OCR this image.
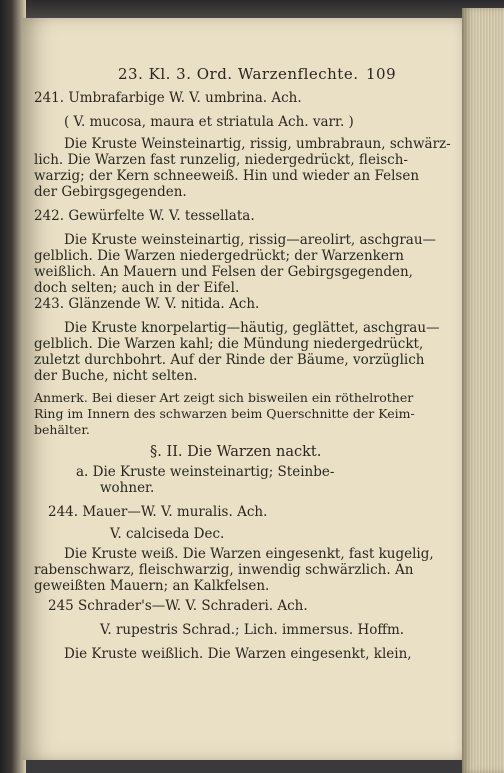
23. Kl. 3. Ord. Warzenflechte. 109
241. Umbrafarbige W. V. umbrina. Ach.
( V. mucosa, maura et striatula Ach. varr. )
Die Kruste Weinsteinartig, rissig, umbrabraun, schwärz-
lich. Die Warzen fast runzelig, niedergedrückt, fleisch-
warzig; der Kern schneeweiß. Hin und wieder an Felsen
der Gebirgsgegenden.
242. Gewürfelte W. V. tessellata.
Die Kruste weinsteinartig, rissig—areolirt, aschgrau—
gelblich. Die Warzen niedergedrückt; der Warzenkern
weißlich. An Mauern und Felsen der Gebirgsgegenden,
doch selten; auch in der Eifel.
243. Glänzende W. V. nitida. Ach.
Die Kruste knorpelartig—häutig, geglättet, aschgrau—
gelblich. Die Warzen kahl; die Mündung niedergedrückt,
zuletzt durchbohrt. Auf der Rinde der Bäume, vorzüglich
der Buche, nicht selten.
Anmerk. Bei dieser Art zeigt sich bisweilen ein röthelrother
Ring im Innern des schwarzen beim Querschnitte der Keim-
behälter.
§. II. Die Warzen nackt.
a. Die Kruste weinsteinartig; Steinbe-
wohner.
244. Mauer—W. V. muralis. Ach.
V. calciseda Dec.
Die Kruste weiß. Die Warzen eingesenkt, fast kugelig,
rabenschwarz, fleischwarzig, inwendig schwärzlich. An
geweißten Mauern; an Kalkfelsen.
245 Schrader's—W. V. Schraderi. Ach.
V. rupestris Schrad.; Lich. immersus. Hoffm.
Die Kruste weißlich. Die Warzen eingesenkt, klein,
